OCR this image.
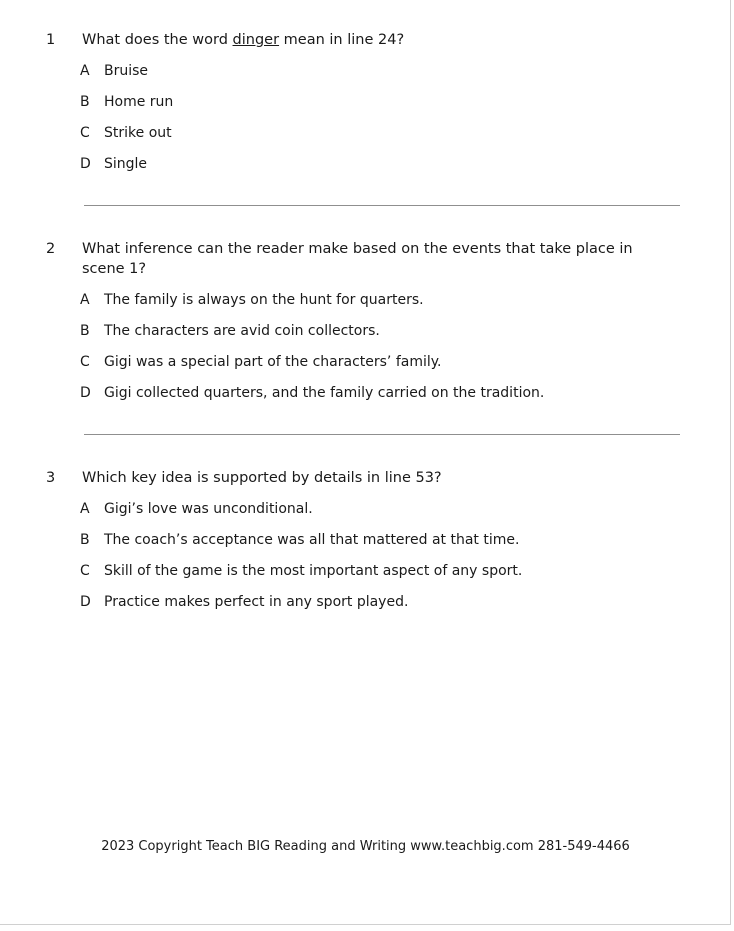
1	What does the word dinger mean in line 24?
A	Bruise
B	Home run
C	Strike out
D Single
2	What inference can the reader make based on the events that take place in scene 1?
A	The family is always on the hunt for quarters.
B	The characters are avid coin collectors.
C	Gigi was a special part of the characters’ family.
D Gigi collected quarters, and the family carried on the tradition.
3	Which key idea is supported by details in line 53?
A	Gigi’s love was unconditional.
B	The coach’s acceptance was all that mattered at that time.
C	Skill of the game is the most important aspect of any sport.
D Practice makes perfect in any sport played.
2023 Copyright Teach BIG Reading and Writing www.teachbig.com 281-549-4466
